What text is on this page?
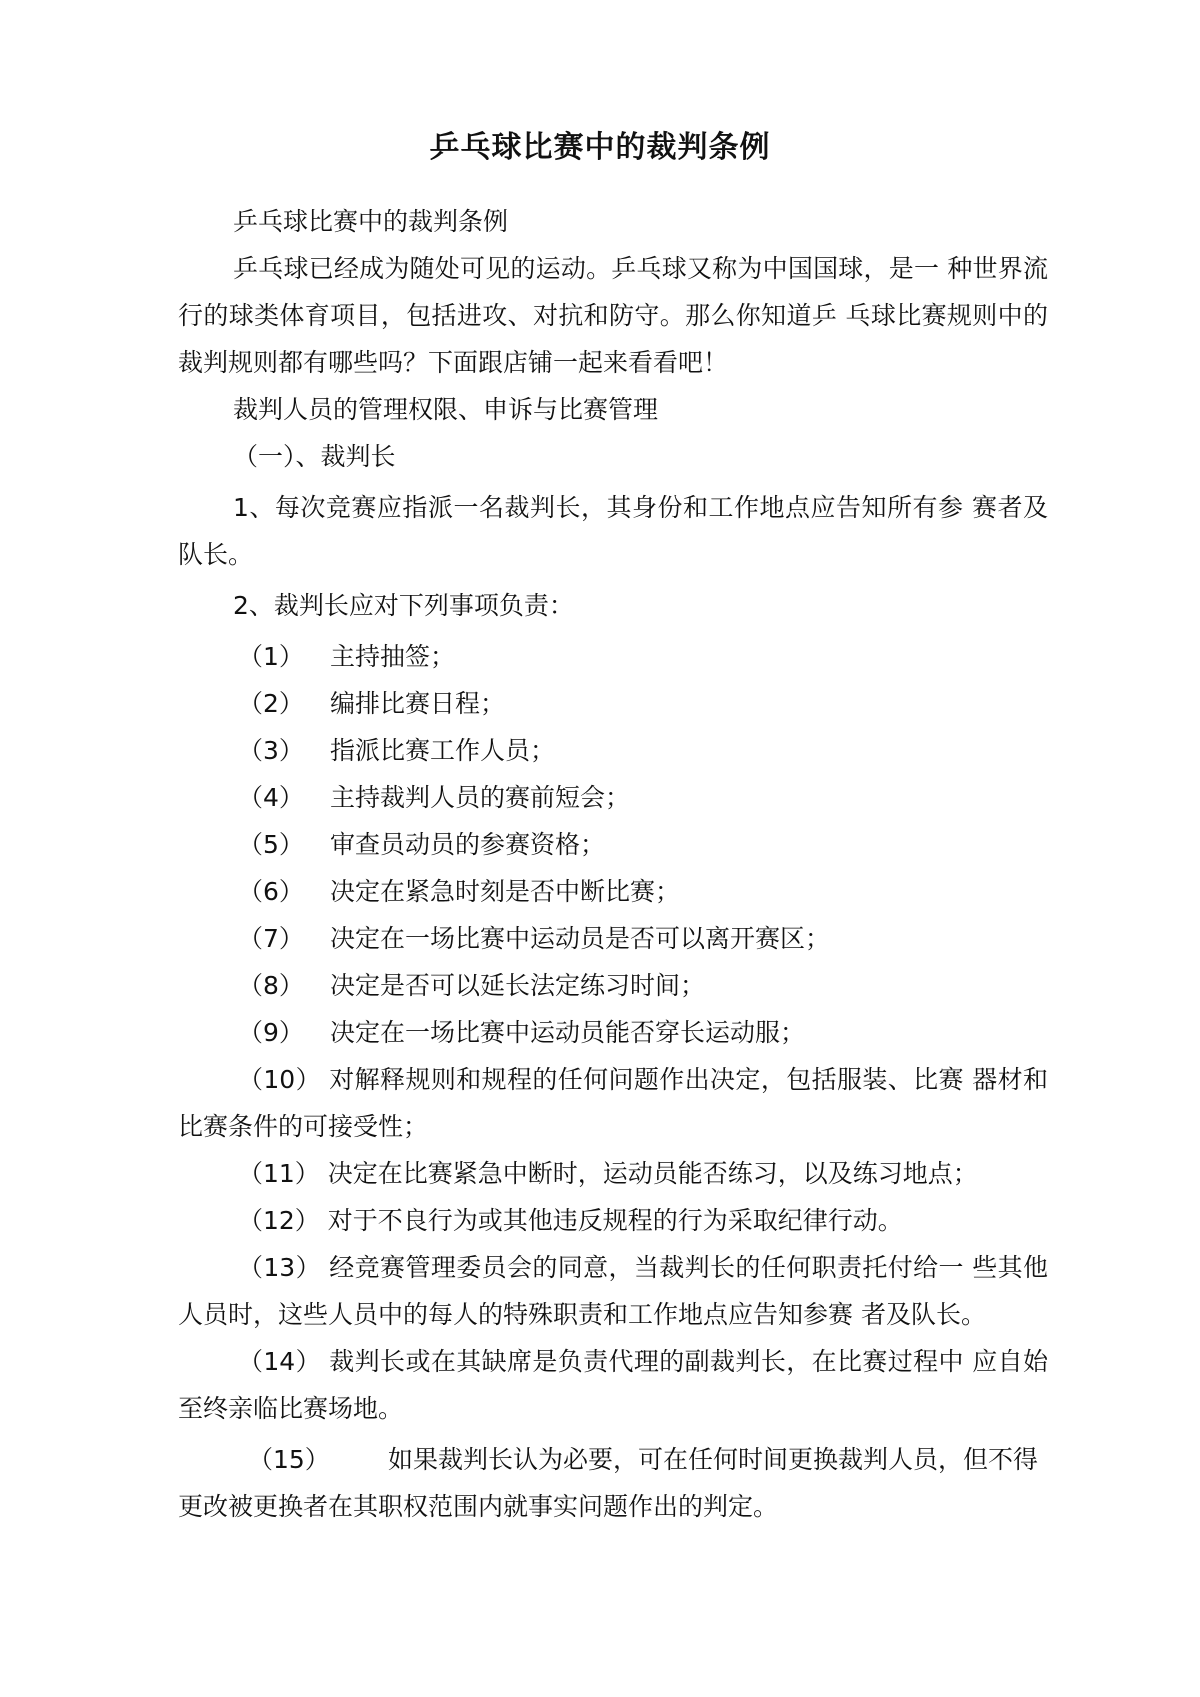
乒乓球比赛中的裁判条例

乒乓球比赛中的裁判条例

乒乓球已经成为随处可见的运动。乒乓球又称为中国国球，是一 种世界流行的球类体育项目，包括进攻、对抗和防守。那么你知道乒 乓球比赛规则中的裁判规则都有哪些吗？下面跟店铺一起来看看吧！

裁判人员的管理权限、申诉与比赛管理

（一）、裁判长

1、每次竞赛应指派一名裁判长，其身份和工作地点应告知所有参 赛者及队长。

2、裁判长应对下列事项负责：

（1） 主持抽签；

（2） 编排比赛日程；

（3） 指派比赛工作人员；

（4） 主持裁判人员的赛前短会；

（5） 审查员动员的参赛资格；

（6） 决定在紧急时刻是否中断比赛；

（7） 决定在一场比赛中运动员是否可以离开赛区；

（8） 决定是否可以延长法定练习时间；

（9） 决定在一场比赛中运动员能否穿长运动服；

（10） 对解释规则和规程的任何问题作出决定，包括服装、比赛 器材和比赛条件的可接受性；

（11） 决定在比赛紧急中断时，运动员能否练习，以及练习地点；

（12） 对于不良行为或其他违反规程的行为采取纪律行动。

（13） 经竞赛管理委员会的同意，当裁判长的任何职责托付给一 些其他人员时，这些人员中的每人的特殊职责和工作地点应告知参赛 者及队长。

（14） 裁判长或在其缺席是负责代理的副裁判长，在比赛过程中 应自始至终亲临比赛场地。

（15） 如果裁判长认为必要，可在任何时间更换裁判人员，但不得更改被更换者在其职权范围内就事实问题作出的判定。
